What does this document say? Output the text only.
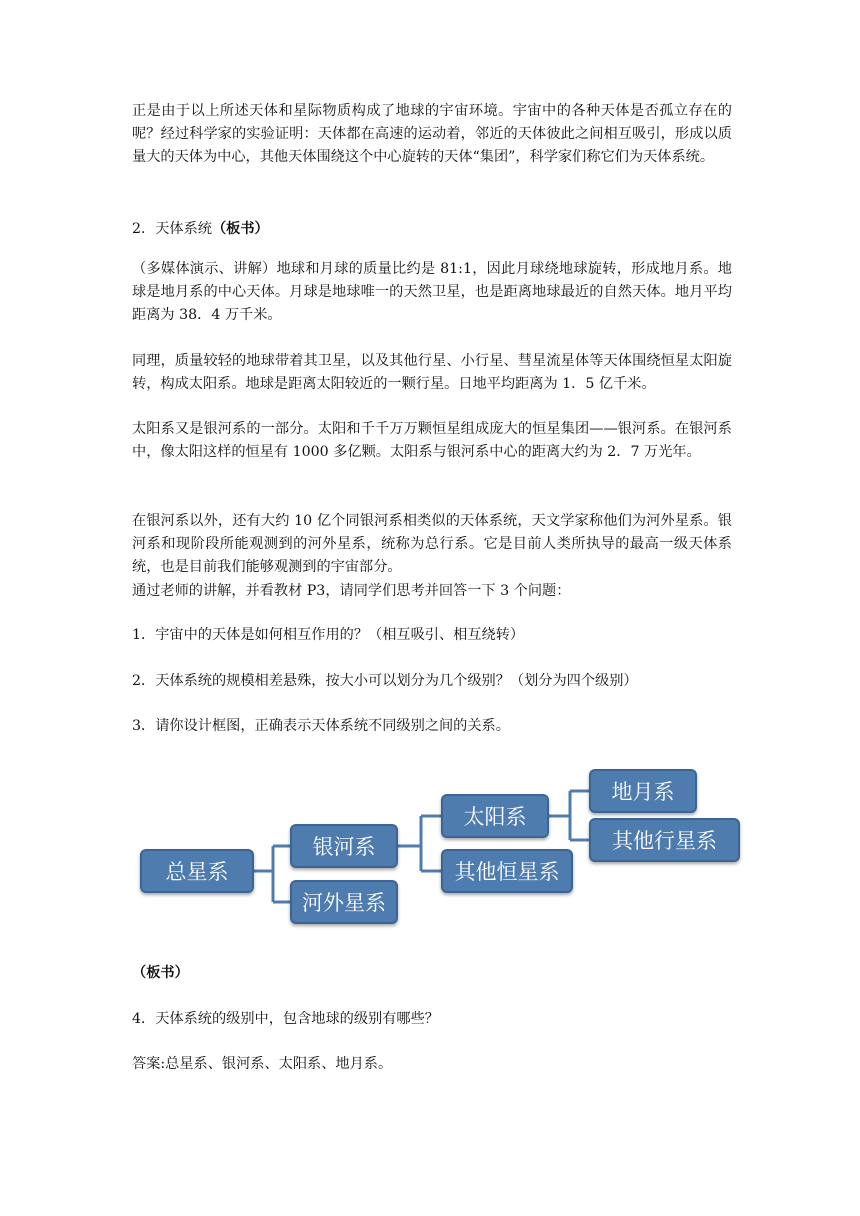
正是由于以上所述天体和星际物质构成了地球的宇宙环境。宇宙中的各种天体是否孤立存在的呢？经过科学家的实验证明：天体都在高速的运动着，邻近的天体彼此之间相互吸引，形成以质量大的天体为中心，其他天体围绕这个中心旋转的天体“集团”，科学家们称它们为天体系统。

2．天体系统（板书）

（多媒体演示、讲解）地球和月球的质量比约是 81:1，因此月球绕地球旋转，形成地月系。地球是地月系的中心天体。月球是地球唯一的天然卫星，也是距离地球最近的自然天体。地月平均距离为 38．4 万千米。

同理，质量较轻的地球带着其卫星，以及其他行星、小行星、彗星流星体等天体围绕恒星太阳旋转，构成太阳系。地球是距离太阳较近的一颗行星。日地平均距离为 1．5 亿千米。

太阳系又是银河系的一部分。太阳和千千万万颗恒星组成庞大的恒星集团——银河系。在银河系中，像太阳这样的恒星有 1000 多亿颗。太阳系与银河系中心的距离大约为 2．7 万光年。

在银河系以外，还有大约 10 亿个同银河系相类似的天体系统，天文学家称他们为河外星系。银河系和现阶段所能观测到的河外星系，统称为总行系。它是目前人类所执导的最高一级天体系统，也是目前我们能够观测到的宇宙部分。

通过老师的讲解，并看教材 P3，请同学们思考并回答一下 3 个问题：

1．宇宙中的天体是如何相互作用的？（相互吸引、相互绕转）

2．天体系统的规模相差悬殊，按大小可以划分为几个级别？（划分为四个级别）

3．请你设计框图，正确表示天体系统不同级别之间的关系。

（板书）

4．天体系统的级别中，包含地球的级别有哪些？

答案:总星系、银河系、太阳系、地月系。

总星系
银河系
河外星系
太阳系
其他恒星系
地月系
其他行星系
